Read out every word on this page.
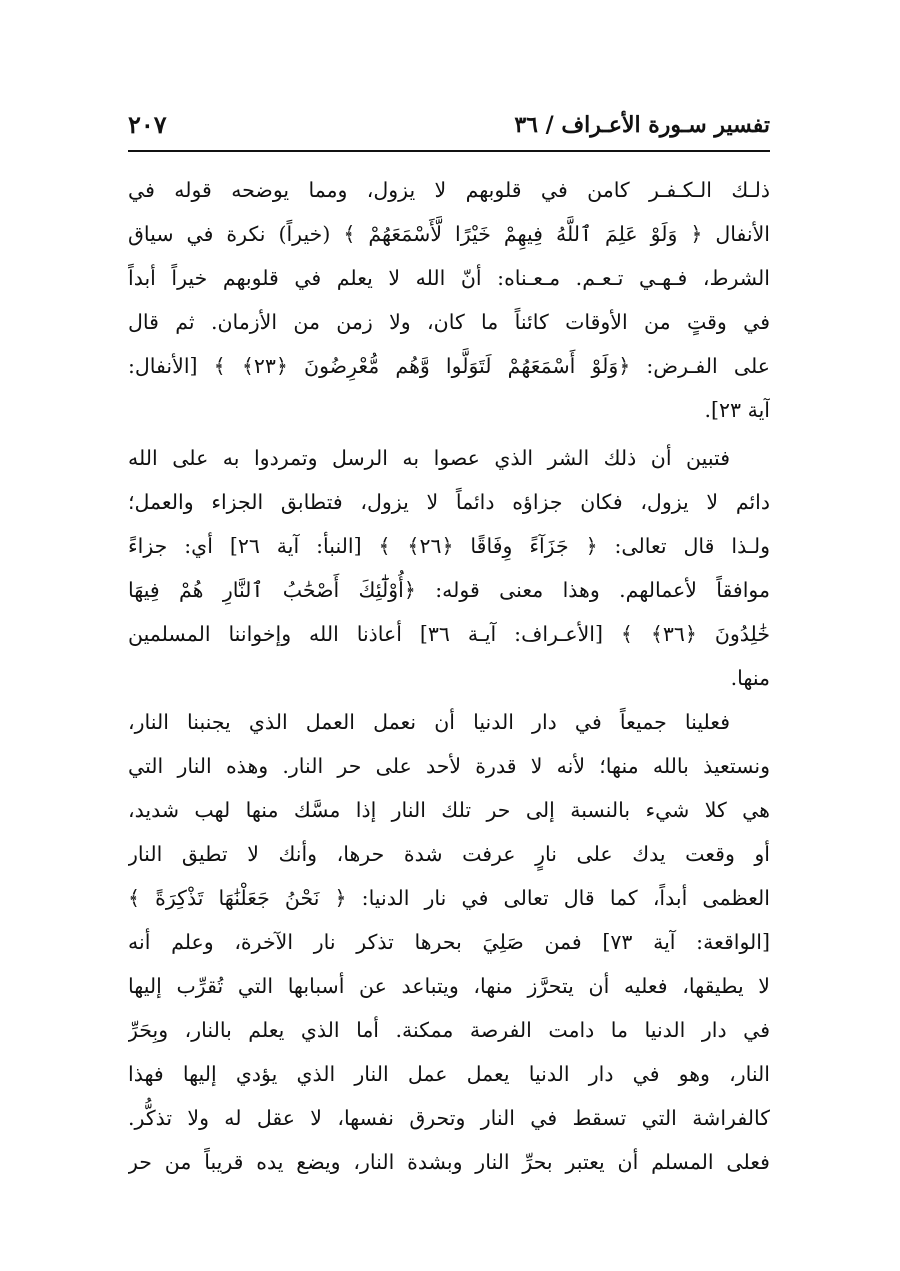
تفسير سـورة الأعـراف / ٣٦
٢٠٧
ذلـك الـكـفـر كامن في قلوبهم لا يزول، ومما يوضحه قوله في
الأنفال ﴿ وَلَوْ عَلِمَ ٱللَّهُ فِيهِمْ خَيْرًا لَّأَسْمَعَهُمْ ﴾ (خيراً) نكرة في سياق
الشرط، فـهـي تـعـم. مـعـناه: أنّ الله لا يعلم في قلوبهم خيراً أبداً
في وقتٍ من الأوقات كائناً ما كان، ولا زمن من الأزمان. ثم قال
على الفـرض: ﴿وَلَوْ أَسْمَعَهُمْ لَتَوَلَّوا وَّهُم مُّعْرِضُونَ ﴿٢٣﴾ ﴾ [الأنفال:
آية ٢٣].
فتبين أن ذلك الشر الذي عصوا به الرسل وتمردوا به على الله
دائم لا يزول، فكان جزاؤه دائماً لا يزول، فتطابق الجزاء والعمل؛
ولـذا قال تعالى: ﴿ جَزَآءً وِفَاقًا ﴿٢٦﴾ ﴾ [النبأ: آية ٢٦] أي: جزاءً
موافقاً لأعمالهم. وهذا معنى قوله: ﴿أُوْلَٰٓئِكَ أَصْحَٰبُ ٱلنَّارِ هُمْ فِيهَا
خَٰلِدُونَ ﴿٣٦﴾ ﴾ [الأعـراف: آيـة ٣٦] أعاذنا الله وإخواننا المسلمين
منها.
فعلينا جميعاً في دار الدنيا أن نعمل العمل الذي يجنبنا النار،
ونستعيذ بالله منها؛ لأنه لا قدرة لأحد على حر النار. وهذه النار التي
هي كلا شيء بالنسبة إلى حر تلك النار إذا مسَّك منها لهب شديد،
أو وقعت يدك على نارٍ عرفت شدة حرها، وأنك لا تطيق النار
العظمى أبداً، كما قال تعالى في نار الدنيا: ﴿ نَحْنُ جَعَلْنَٰهَا تَذْكِرَةً ﴾
[الواقعة: آية ٧٣] فمن صَلِيَ بحرها تذكر نار الآخرة، وعلم أنه
لا يطيقها، فعليه أن يتحرَّز منها، ويتباعد عن أسبابها التي تُقرِّب إليها
في دار الدنيا ما دامت الفرصة ممكنة. أما الذي يعلم بالنار، وبِحَرِّ
النار، وهو في دار الدنيا يعمل عمل النار الذي يؤدي إليها فهذا
كالفراشة التي تسقط في النار وتحرق نفسها، لا عقل له ولا تذكُّر.
فعلى المسلم أن يعتبر بحرِّ النار وبشدة النار، ويضع يده قريباً من حر
